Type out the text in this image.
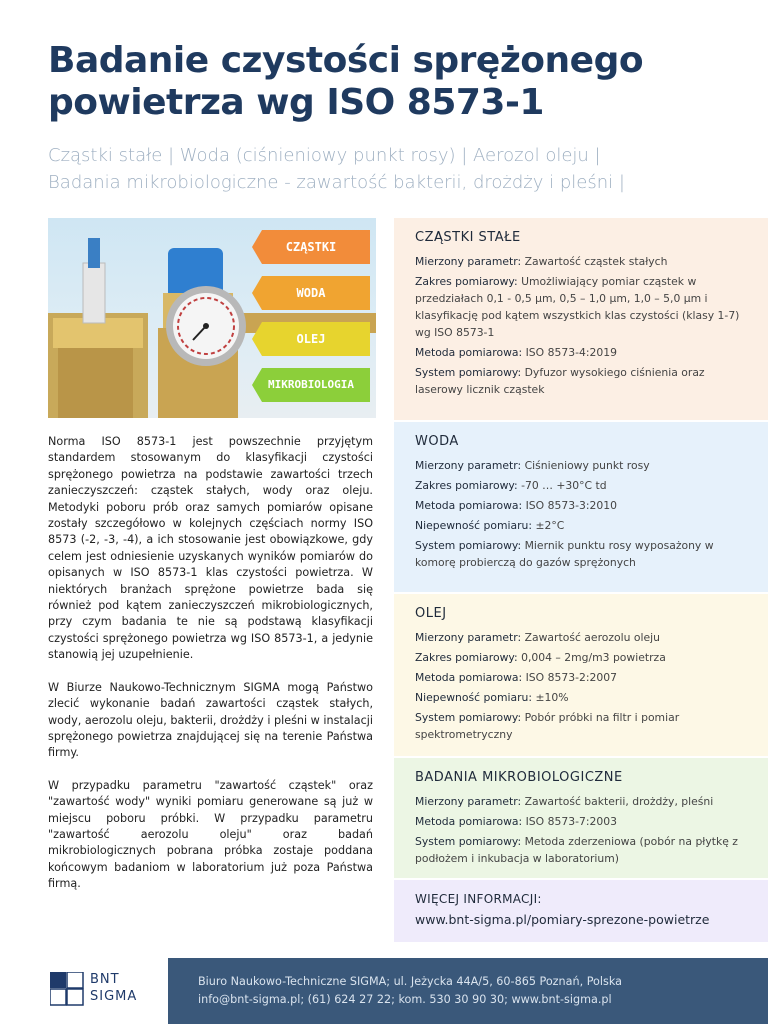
Badanie czystości sprężonego powietrza wg ISO 8573-1
Cząstki stałe | Woda (ciśnieniowy punkt rosy) | Aerozol oleju |
Badania mikrobiologiczne - zawartość bakterii, drożdży i pleśni |
CZĄSTKI
WODA
OLEJ
MIKROBIOLOGIA

Norma ISO 8573-1 jest powszechnie przyjętym standardem stosowanym do klasyfikacji czystości sprężonego powietrza na podstawie zawartości trzech zanieczyszczeń: cząstek stałych, wody oraz oleju. Metodyki poboru prób oraz samych pomiarów opisane zostały szczegółowo w kolejnych częściach normy ISO 8573 (-2, -3, -4), a ich stosowanie jest obowiązkowe, gdy celem jest odniesienie uzyskanych wyników pomiarów do opisanych w ISO 8573-1 klas czystości powietrza. W niektórych branżach sprężone powietrze bada się również pod kątem zanieczyszczeń mikrobiologicznych, przy czym badania te nie są podstawą klasyfikacji czystości sprężonego powietrza wg ISO 8573-1, a jedynie stanowią jej uzupełnienie.

W Biurze Naukowo-Technicznym SIGMA mogą Państwo zlecić wykonanie badań zawartości cząstek stałych, wody, aerozolu oleju, bakterii, drożdży i pleśni w instalacji sprężonego powietrza znajdującej się na terenie Państwa firmy.

W przypadku parametru "zawartość cząstek" oraz "zawartość wody" wyniki pomiaru generowane są już w miejscu poboru próbki. W przypadku parametru "zawartość aerozolu oleju" oraz badań mikrobiologicznych pobrana próbka zostaje poddana końcowym badaniom w laboratorium już poza Państwa firmą.

CZĄSTKI STAŁE
Mierzony parametr: Zawartość cząstek stałych
Zakres pomiarowy: Umożliwiający pomiar cząstek w przedziałach 0,1 - 0,5 µm, 0,5 – 1,0 µm, 1,0 – 5,0 µm i klasyfikację pod kątem wszystkich klas czystości (klasy 1-7) wg ISO 8573-1
Metoda pomiarowa: ISO 8573-4:2019
System pomiarowy: Dyfuzor wysokiego ciśnienia oraz laserowy licznik cząstek
WODA
Mierzony parametr: Ciśnieniowy punkt rosy
Zakres pomiarowy: -70 … +30°C td
Metoda pomiarowa: ISO 8573-3:2010
Niepewność pomiaru: ±2°C
System pomiarowy: Miernik punktu rosy wyposażony w komorę probierczą do gazów sprężonych
OLEJ
Mierzony parametr: Zawartość aerozolu oleju
Zakres pomiarowy: 0,004 – 2mg/m3 powietrza
Metoda pomiarowa: ISO 8573-2:2007
Niepewność pomiaru: ±10%
System pomiarowy: Pobór próbki na filtr i pomiar spektrometryczny
BADANIA MIKROBIOLOGICZNE
Mierzony parametr: Zawartość bakterii, drożdży, pleśni
Metoda pomiarowa: ISO 8573-7:2003
System pomiarowy: Metoda zderzeniowa (pobór na płytkę z podłożem i inkubacja w laboratorium)
WIĘCEJ INFORMACJI:
www.bnt-sigma.pl/pomiary-sprezone-powietrze
BNT
SIGMA
Biuro Naukowo-Techniczne SIGMA; ul. Jeżycka 44A/5, 60-865 Poznań, Polska
info@bnt-sigma.pl; (61) 624 27 22; kom. 530 30 90 30; www.bnt-sigma.pl
